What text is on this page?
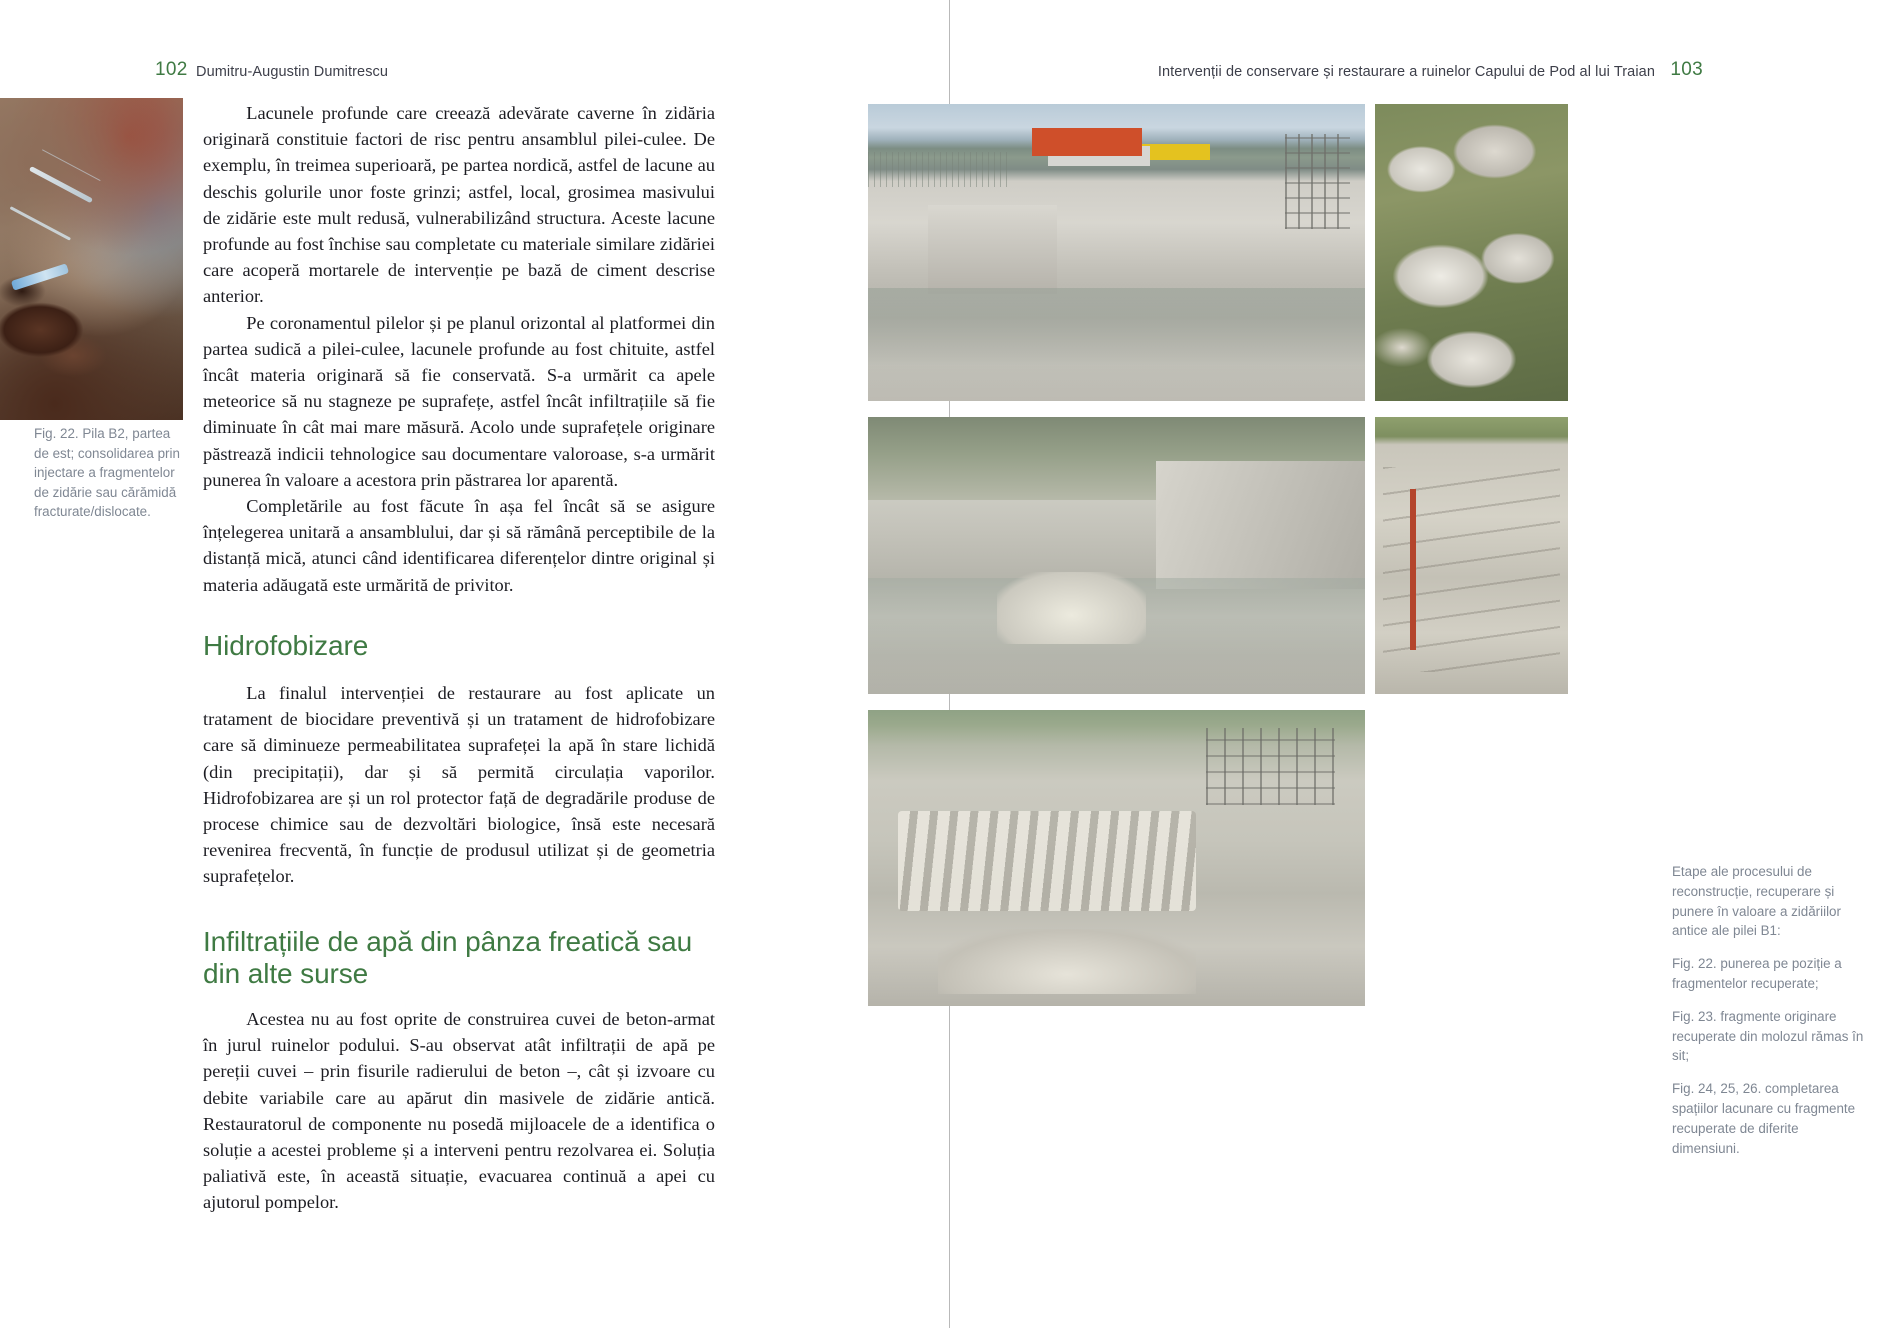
102 Dumitru-Augustin Dumitrescu
Fig. 22. Pila B2, partea de est; consolidarea prin injectare a fragmentelor de zidărie sau cărămidă fracturate/dislocate.

Lacunele profunde care creează adevărate caverne în zidăria originară constituie factori de risc pentru ansamblul pilei-culee. De exemplu, în treimea superioară, pe partea nordică, astfel de lacune au deschis golurile unor foste grinzi; astfel, local, grosimea masivului de zidărie este mult redusă, vulnerabilizând structura. Aceste lacune profunde au fost închise sau completate cu materiale similare zidăriei care acoperă mortarele de intervenție pe bază de ciment descrise anterior.

Pe coronamentul pilelor și pe planul orizontal al platformei din partea sudică a pilei-culee, lacunele profunde au fost chituite, astfel încât materia originară să fie conservată. S-a urmărit ca apele meteorice să nu stagneze pe suprafețe, astfel încât infiltrațiile să fie diminuate în cât mai mare măsură. Acolo unde suprafețele originare păstrează indicii tehnologice sau documentare valoroase, s-a urmărit punerea în valoare a acestora prin păstrarea lor aparentă.

Completările au fost făcute în așa fel încât să se asigure înțelegerea unitară a ansamblului, dar și să rămână perceptibile de la distanță mică, atunci când identificarea diferențelor dintre original și materia adăugată este urmărită de privitor.

Hidrofobizare

La finalul intervenției de restaurare au fost aplicate un tratament de biocidare preventivă și un tratament de hidrofobizare care să diminueze permeabilitatea suprafeței la apă în stare lichidă (din precipitații), dar și să permită circulația vaporilor. Hidrofobizarea are și un rol protector față de degradările produse de procese chimice sau de dezvoltări biologice, însă este necesară revenirea frecventă, în funcție de produsul utilizat și de geometria suprafețelor.

Infiltrațiile de apă din pânza freatică sau din alte surse

Acestea nu au fost oprite de construirea cuvei de beton-armat în jurul ruinelor podului. S-au observat atât infiltrații de apă pe pereții cuvei – prin fisurile radierului de beton –, cât și izvoare cu debite variabile care au apărut din masivele de zidărie antică. Restauratorul de componente nu posedă mijloacele de a identifica o soluție a acestei probleme și a interveni pentru rezolvarea ei. Soluția paliativă este, în această situație, evacuarea continuă a apei cu ajutorul pompelor.

Intervenții de conservare și restaurare a ruinelor Capului de Pod al lui Traian 103

Etape ale procesului de reconstrucție, recuperare și punere în valoare a zidăriilor antice ale pilei B1:

Fig. 22. punerea pe poziție a fragmentelor recuperate;

Fig. 23. fragmente originare recuperate din molozul rămas în sit;

Fig. 24, 25, 26. completarea spațiilor lacunare cu fragmente recuperate de diferite dimensiuni.
